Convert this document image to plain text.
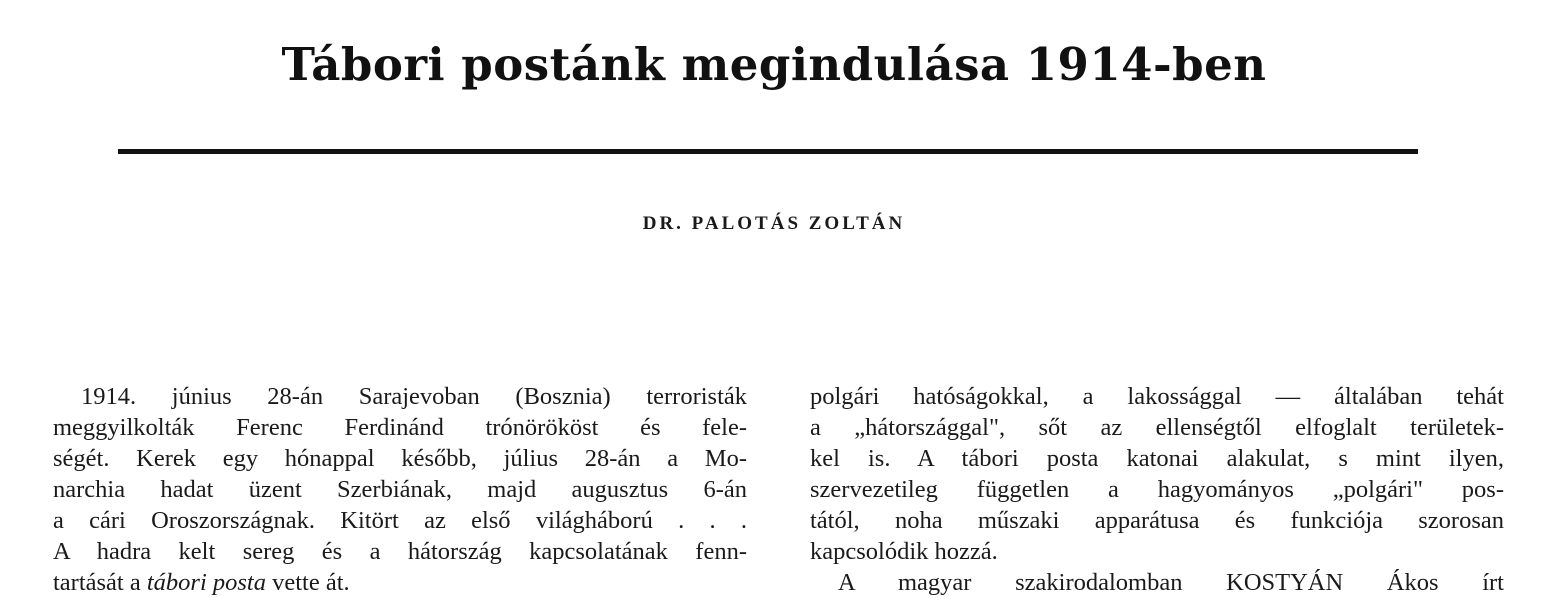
Tábori postánk megindulása 1914-ben
DR. PALOTÁS ZOLTÁN
1914. június 28-án Sarajevoban (Bosznia) terroristák
meggyilkolták Ferenc Ferdinánd trónörököst és fele-
ségét. Kerek egy hónappal később, július 28-án a Mo-
narchia hadat üzent Szerbiának, majd augusztus 6-án
a cári Oroszországnak. Kitört az első világháború . . .
A hadra kelt sereg és a hátország kapcsolatának fenn-
tartását a tábori posta vette át.
polgári hatóságokkal, a lakossággal — általában tehát
a „hátországgal", sőt az ellenségtől elfoglalt területek-
kel is. A tábori posta katonai alakulat, s mint ilyen,
szervezetileg független a hagyományos „polgári" pos-
tától, noha műszaki apparátusa és funkciója szorosan
kapcsolódik hozzá.
A magyar szakirodalomban KOSTYÁN Ákos írt
